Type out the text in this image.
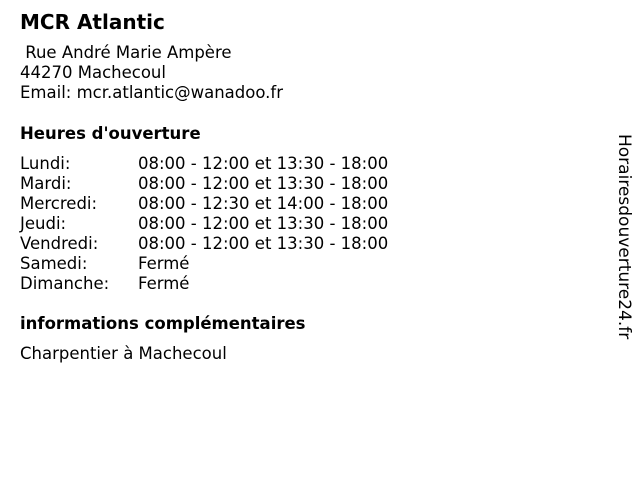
MCR Atlantic
Rue André Marie Ampère
44270 Machecoul
Email: mcr.atlantic@wanadoo.fr
Heures d'ouverture
Lundi:	08:00 - 12:00 et 13:30 - 18:00
Mardi:	08:00 - 12:00 et 13:30 - 18:00
Mercredi: 08:00 - 12:30 et 14:00 - 18:00
Jeudi:	08:00 - 12:00 et 13:30 - 18:00
Vendredi: 08:00 - 12:00 et 13:30 - 18:00
Samedi:	Fermé
Dimanche: Fermé
informations complémentaires
Charpentier à Machecoul
Horairesdouverture24.fr
